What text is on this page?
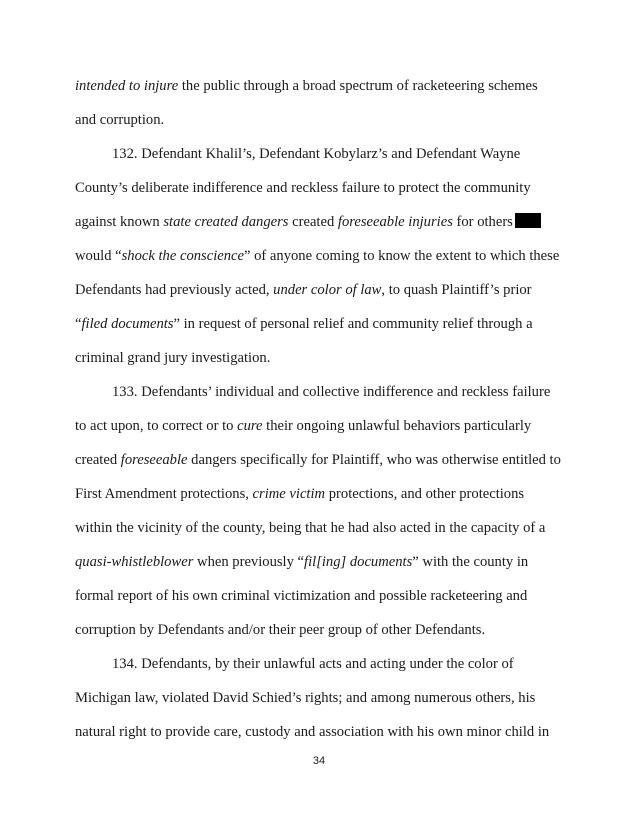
intended to injure the public through a broad spectrum of racketeering schemes
and corruption.
132. Defendant Khalil’s, Defendant Kobylarz’s and Defendant Wayne
County’s deliberate indifference and reckless failure to protect the community
against known state created dangers created foreseeable injuries for others
would “shock the conscience” of anyone coming to know the extent to which these
Defendants had previously acted, under color of law, to quash Plaintiff’s prior
“filed documents” in request of personal relief and community relief through a
criminal grand jury investigation.
133. Defendants’ individual and collective indifference and reckless failure
to act upon, to correct or to cure their ongoing unlawful behaviors particularly
created foreseeable dangers specifically for Plaintiff, who was otherwise entitled to
First Amendment protections, crime victim protections, and other protections
within the vicinity of the county, being that he had also acted in the capacity of a
quasi-whistleblower when previously “fil[ing] documents” with the county in
formal report of his own criminal victimization and possible racketeering and
corruption by Defendants and/or their peer group of other Defendants.
134. Defendants, by their unlawful acts and acting under the color of
Michigan law, violated David Schied’s rights; and among numerous others, his
natural right to provide care, custody and association with his own minor child in
34
